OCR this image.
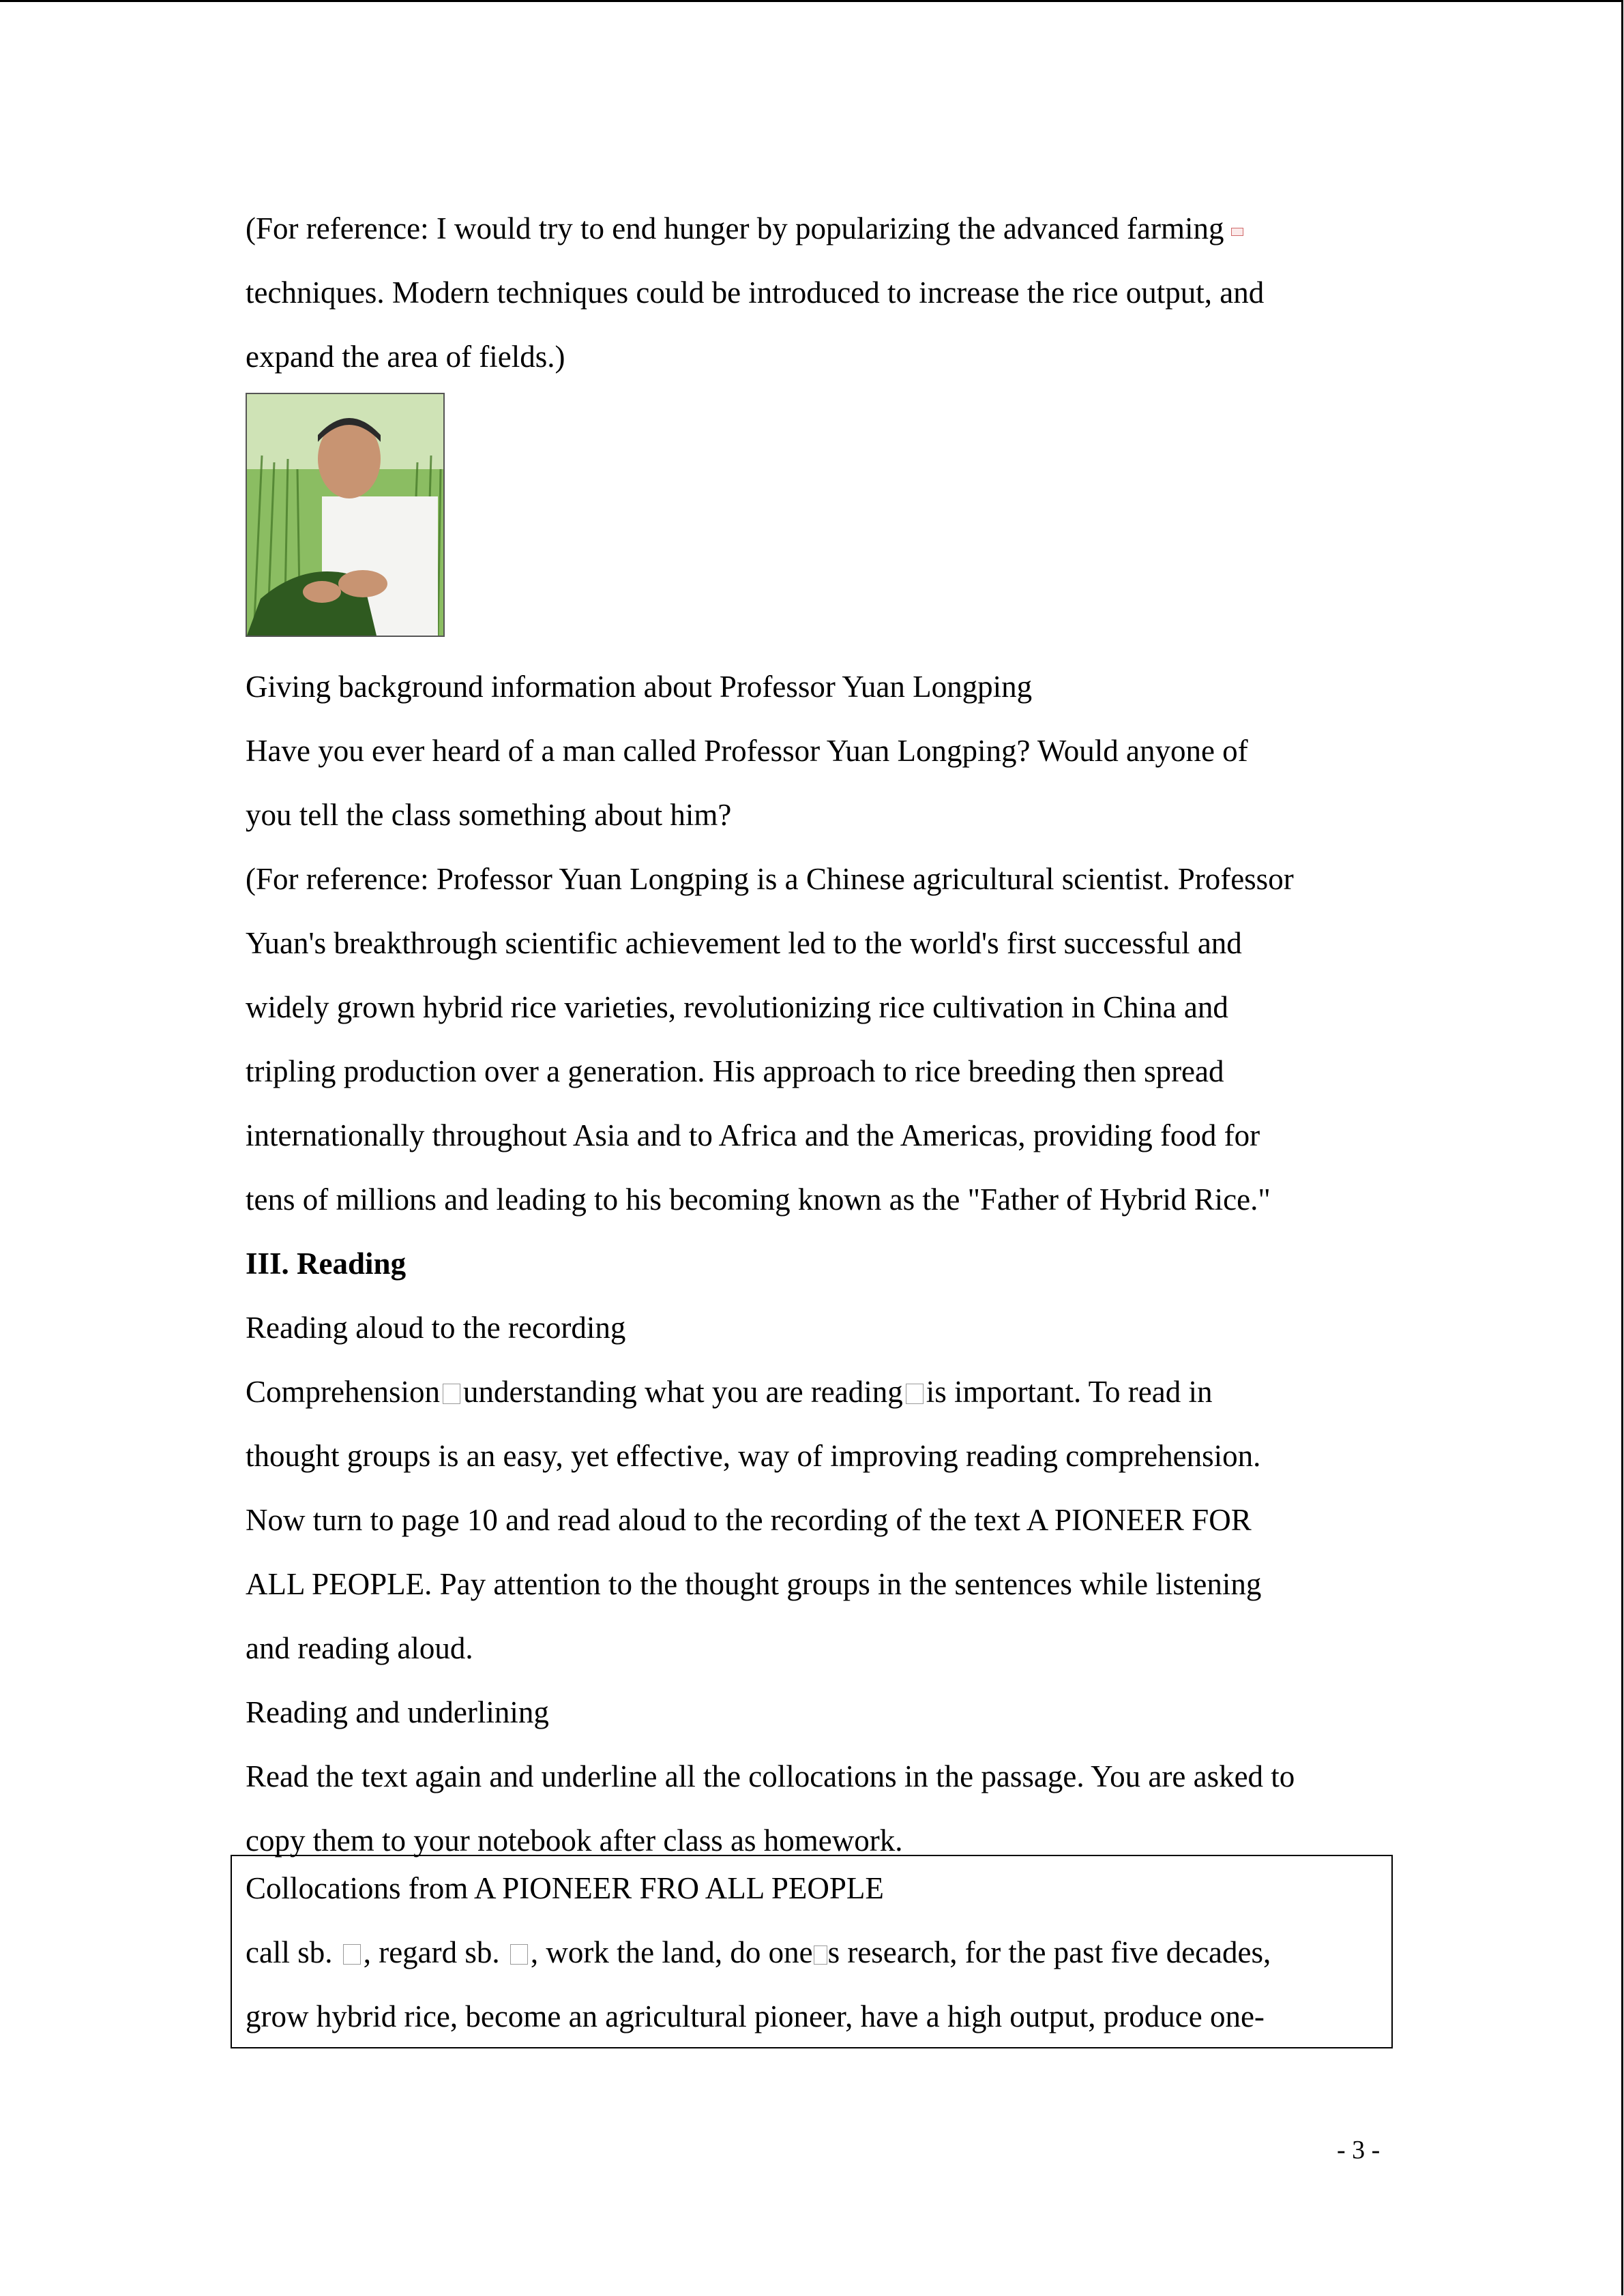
(For reference: I would try to end hunger by popularizing the advanced farming
techniques. Modern techniques could be introduced to increase the rice output, and
expand the area of fields.)
Giving background information about Professor Yuan Longping
Have you ever heard of a man called Professor Yuan Longping? Would anyone of
you tell the class something about him?
(For reference: Professor Yuan Longping is a Chinese agricultural scientist. Professor
Yuan's breakthrough scientific achievement led to the world's first successful and
widely grown hybrid rice varieties, revolutionizing rice cultivation in China and
tripling production over a generation. His approach to rice breeding then spread
internationally throughout Asia and to Africa and the Americas, providing food for
tens of millions and leading to his becoming known as the "Father of Hybrid Rice."
III. Reading
Reading aloud to the recording
Comprehension understanding what you are reading is important. To read in
thought groups is an easy, yet effective, way of improving reading comprehension.
Now turn to page 10 and read aloud to the recording of the text A PIONEER FOR
ALL PEOPLE. Pay attention to the thought groups in the sentences while listening
and reading aloud.
Reading and underlining
Read the text again and underline all the collocations in the passage. You are asked to
copy them to your notebook after class as homework.
Collocations from A PIONEER FRO ALL PEOPLE
call sb. , regard sb. , work the land, do one s research, for the past five decades,
grow hybrid rice, become an agricultural pioneer, have a high output, produce one-
- 3 -
